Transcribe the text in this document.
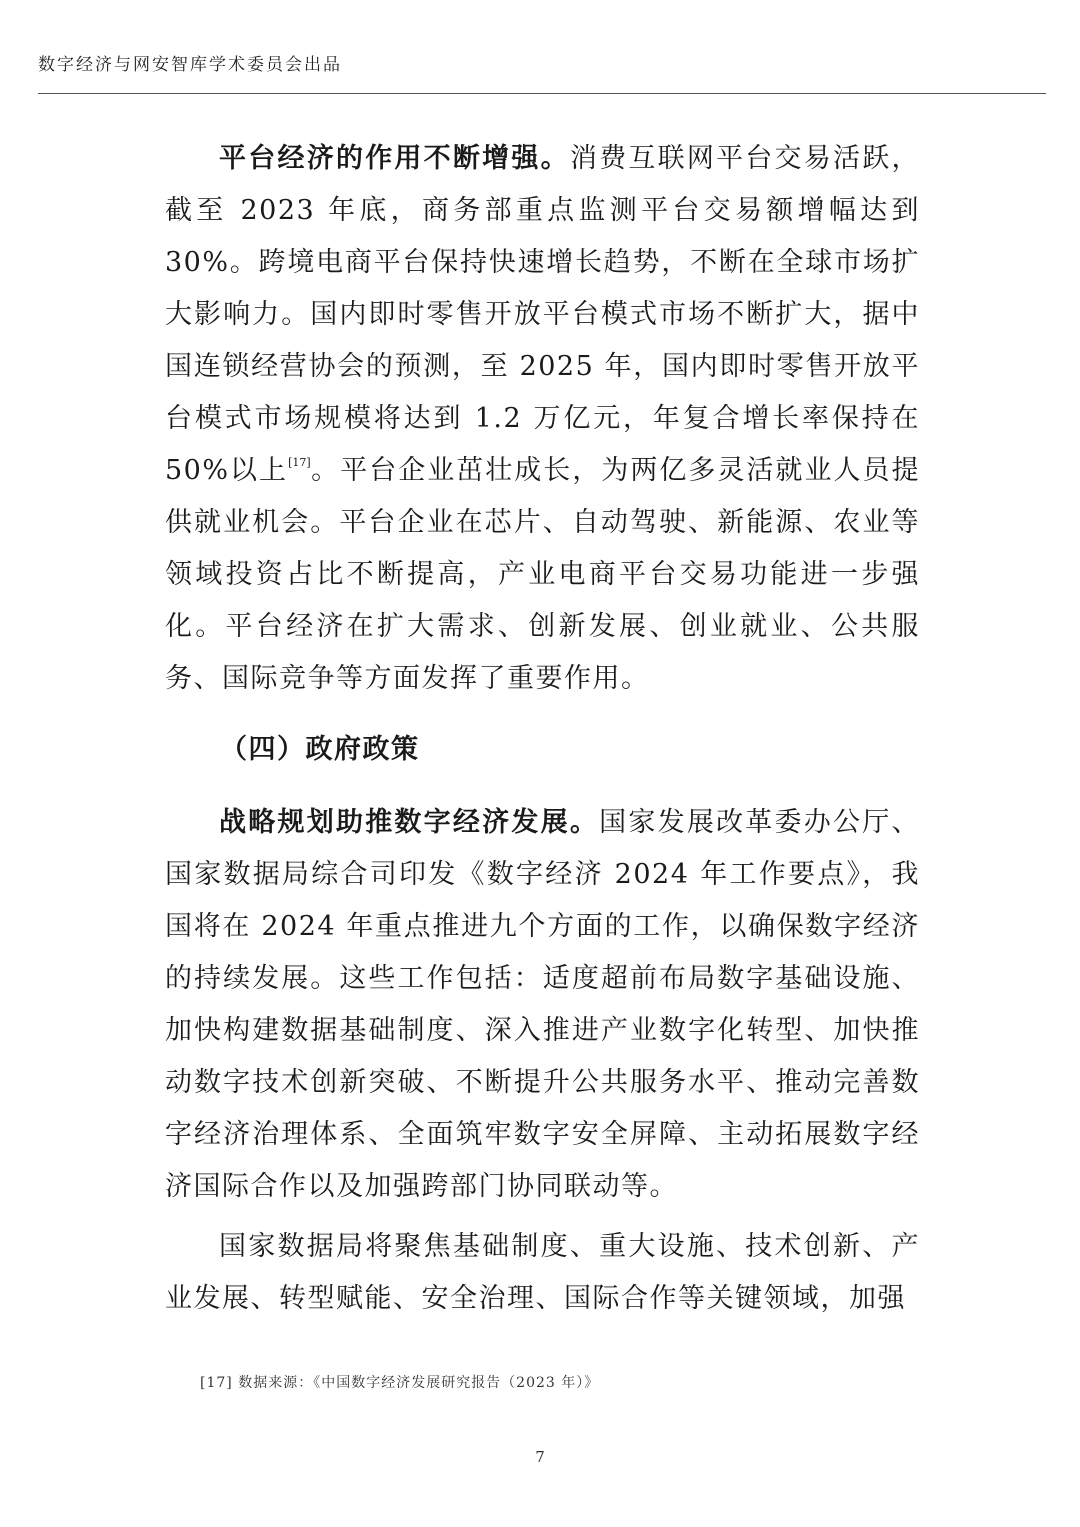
数字经济与网安智库学术委员会出品

平台经济的作用不断增强。消费互联网平台交易活跃，截至 2023 年底，商务部重点监测平台交易额增幅达到 30%。跨境电商平台保持快速增长趋势，不断在全球市场扩大影响力。国内即时零售开放平台模式市场不断扩大，据中国连锁经营协会的预测，至 2025 年，国内即时零售开放平台模式市场规模将达到 1.2 万亿元，年复合增长率保持在 50%以上[17]。平台企业茁壮成长，为两亿多灵活就业人员提供就业机会。平台企业在芯片、自动驾驶、新能源、农业等领域投资占比不断提高，产业电商平台交易功能进一步强化。平台经济在扩大需求、创新发展、创业就业、公共服务、国际竞争等方面发挥了重要作用。

（四）政府政策

战略规划助推数字经济发展。国家发展改革委办公厅、国家数据局综合司印发《数字经济 2024 年工作要点》，我国将在 2024 年重点推进九个方面的工作，以确保数字经济的持续发展。这些工作包括：适度超前布局数字基础设施、加快构建数据基础制度、深入推进产业数字化转型、加快推动数字技术创新突破、不断提升公共服务水平、推动完善数字经济治理体系、全面筑牢数字安全屏障、主动拓展数字经济国际合作以及加强跨部门协同联动等。

国家数据局将聚焦基础制度、重大设施、技术创新、产业发展、转型赋能、安全治理、国际合作等关键领域，加强

[17] 数据来源：《中国数字经济发展研究报告（2023 年）》
7
